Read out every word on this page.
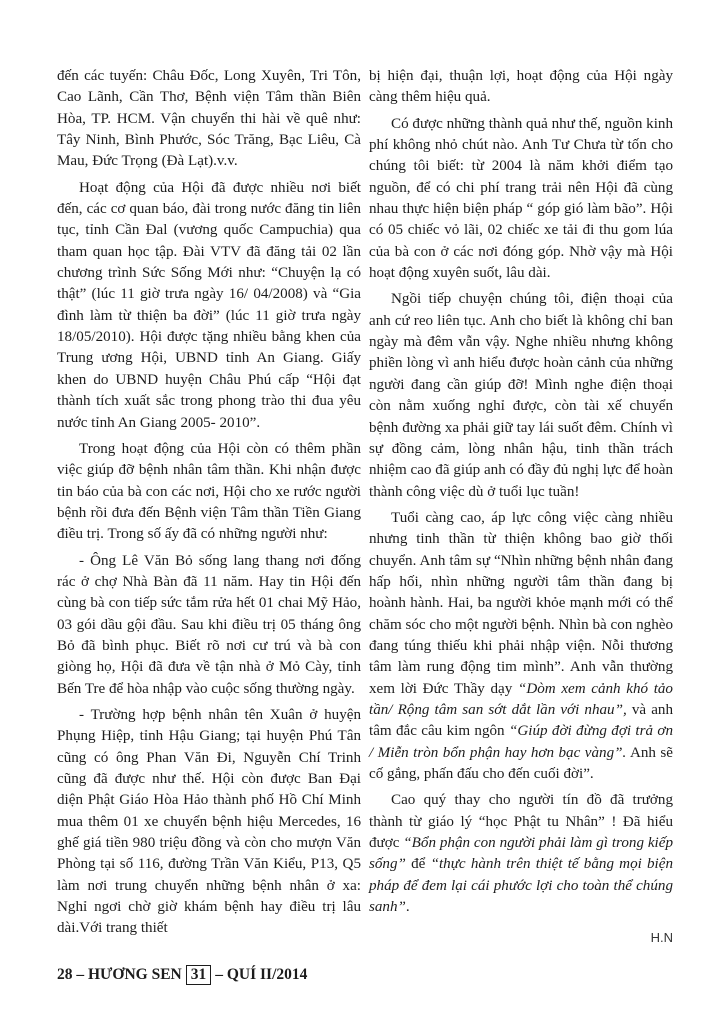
đến các tuyến: Châu Đốc, Long Xuyên, Tri Tôn, Cao Lãnh, Cần Thơ, Bệnh viện Tâm thần Biên Hòa, TP. HCM. Vận chuyển thi hài về quê như: Tây Ninh, Bình Phước, Sóc Trăng, Bạc Liêu, Cà Mau, Đức Trọng (Đà Lạt).v.v.

Hoạt động của Hội đã được nhiều nơi biết đến, các cơ quan báo, đài trong nước đăng tin liên tục, tỉnh Cần Đal (vương quốc Campuchia) qua tham quan học tập. Đài VTV đã đăng tải 02 lần chương trình Sức Sống Mới như: “Chuyện lạ có thật” (lúc 11 giờ trưa ngày 16/ 04/2008) và “Gia đình làm từ thiện ba đời” (lúc 11 giờ trưa ngày 18/05/2010). Hội được tặng nhiều bằng khen của Trung ương Hội, UBND tỉnh An Giang. Giấy khen do UBND huyện Châu Phú cấp “Hội đạt thành tích xuất sắc trong phong trào thi đua yêu nước tỉnh An Giang 2005- 2010”.

Trong hoạt động của Hội còn có thêm phần việc giúp đỡ bệnh nhân tâm thần. Khi nhận được tin báo của bà con các nơi, Hội cho xe rước người bệnh rồi đưa đến Bệnh viện Tâm thần Tiền Giang điều trị. Trong số ấy đã có những người như:

- Ông Lê Văn Bỏ sống lang thang nơi đống rác ở chợ Nhà Bàn đã 11 năm. Hay tin Hội đến cùng bà con tiếp sức tắm rửa hết 01 chai Mỹ Hảo, 03 gói dầu gội đầu. Sau khi điều trị 05 tháng ông Bỏ đã bình phục. Biết rõ nơi cư trú và bà con giòng họ, Hội đã đưa về tận nhà ở Mỏ Cày, tỉnh Bến Tre để hòa nhập vào cuộc sống thường ngày.

- Trường hợp bệnh nhân tên Xuân ở huyện Phụng Hiệp, tỉnh Hậu Giang; tại huyện Phú Tân cũng có ông Phan Văn Đi, Nguyễn Chí Trinh cũng đã được như thế. Hội còn được Ban Đại diện Phật Giáo Hòa Hảo thành phố Hồ Chí Minh mua thêm 01 xe chuyển bệnh hiệu Mercedes, 16 ghế giá tiền 980 triệu đồng và còn cho mượn Văn Phòng tại số 116, đường Trần Văn Kiểu, P13, Q5 làm nơi trung chuyển những bệnh nhân ở xa: Nghỉ ngơi chờ giờ khám bệnh hay điều trị lâu dài.Với trang thiết

bị hiện đại, thuận lợi, hoạt động của Hội ngày càng thêm hiệu quả.

Có được những thành quả như thế, nguồn kinh phí không nhỏ chút nào. Anh Tư Chưa từ tốn cho chúng tôi biết: từ 2004 là năm khởi điểm tạo nguồn, để có chi phí trang trải nên Hội đã cùng nhau thực hiện biện pháp “ góp gió làm bão”. Hội có 05 chiếc vỏ lãi, 02 chiếc xe tải đi thu gom lúa của bà con ở các nơi đóng góp. Nhờ vậy mà Hội hoạt động xuyên suốt, lâu dài.

Ngồi tiếp chuyện chúng tôi, điện thoại của anh cứ reo liên tục. Anh cho biết là không chỉ ban ngày mà đêm vẫn vậy. Nghe nhiều nhưng không phiền lòng vì anh hiểu được hoàn cảnh của những người đang cần giúp đỡ! Mình nghe điện thoại còn nằm xuống nghỉ được, còn tài xế chuyển bệnh đường xa phải giữ tay lái suốt đêm. Chính vì sự đồng cảm, lòng nhân hậu, tinh thần trách nhiệm cao đã giúp anh có đầy đủ nghị lực để hoàn thành công việc dù ở tuổi lục tuần!

Tuổi càng cao, áp lực công việc càng nhiều nhưng tinh thần từ thiện không bao giờ thối chuyển. Anh tâm sự “Nhìn những bệnh nhân đang hấp hối, nhìn những người tâm thần đang bị hoành hành. Hai, ba người khỏe mạnh mới có thể chăm sóc cho một người bệnh. Nhìn bà con nghèo đang túng thiếu khi phải nhập viện. Nỗi thương tâm làm rung động tim mình”. Anh vẫn thường xem lời Đức Thầy dạy “Dòm xem cảnh khó tảo tần/ Rộng tâm san sớt dắt lần với nhau”, và anh tâm đắc câu kim ngôn “Giúp đời đừng đợi trả ơn / Miễn tròn bổn phận hay hơn bạc vàng”. Anh sẽ cố gắng, phấn đấu cho đến cuối đời”.

Cao quý thay cho người tín đồ đã trưởng thành từ giáo lý “học Phật tu Nhân” ! Đã hiểu được “Bổn phận con người phải làm gì trong kiếp sống” để “thực hành trên thiệt tế bằng mọi biện pháp để đem lại cái phước lợi cho toàn thể chúng sanh”.

H.N
28
–
HƯƠNG SEN 31 –
QUÍ II/2014
